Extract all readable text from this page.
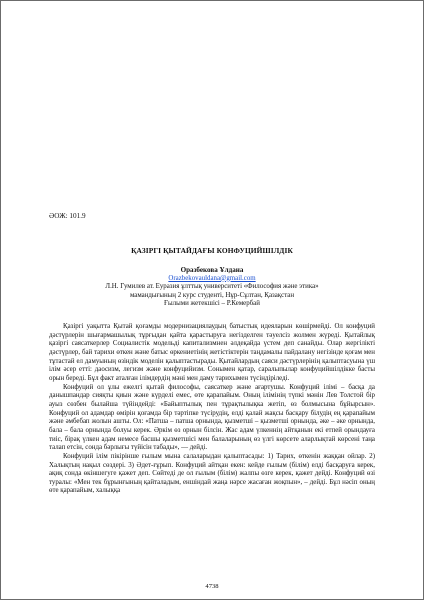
ӘОЖ: 101.9
ҚАЗІРГІ ҚЫТАЙДАҒЫ КОНФУЦИЙШІЛДІК
Оразбекова Ұлдана
Orazbekovauldana@gmail.com
Л.Н. Гумилев ат. Еуразия ұлттық университеті «Философия және этика»
мамандығының 2 курс студенті, Нұр-Сұлтан, Қазақстан
Ғылыми жетекшісі – Р.Кемербай

Қазіргі уақытта Қытай қоғамды модернизациялаудың батыстық идеяларын көшірмейді. Ол конфуций дәстүрлерін шығармашылық тұрғыдан қайта қарастыруға негізделген тәуелсіз жолмен жүреді. Қытайлық қазіргі саясаткерлер Социалистік модельді капитализмнен әлдеқайда үстем деп санайды. Олар жергілікті дәстүрлер, бай тарихи өткен және батыс өркениетінің жетістіктерін таңдамалы пайдалану негізінде қоғам мен тұтастай ел дамуының өзіндік моделін қалыптастырады. Қытайлардың саяси дәстүрлерінің қалыптасуына үш ілім әсер етті: даосизм, легизм және конфуцийизм. Сонымен қатар, саралыпылар конфуцийшілдікке басты орын береді. Бұл факт аталған ілімдердің мәні мен даму тарихымен түсіндіріледі.

Конфуций ол ұлы ежелгі қытай философы, саясаткер және ағартушы. Конфуций ілімі – басқа да данышпандар сияқты қиын және күрделі емес, өте қарапайым. Оның ілімінің түпкі мәнін Лев Толстой бір ауыз сөзбен былайша түйіндейді: «Байыптылық пен тұрақтылықка жетіп, өз болмысына бұйырсын». Конфуций ол адамдар өмірін қоғамда бір тәртіпке түсірудің, елді қалай жақсы басқару білудің ең қарапайым және әмбебап жолын ашты. Ол: «Патша – патша орнында, қызметші – қызметші орнында, әке – әке орнында, бала – бала орнында болуы керек. Әркім өз орнын білсін. Жас адам үлкеннің айтқанын екі етпей орындауға тиіс, бірақ үлкен адам немесе басшы қызметшісі мен балаларының өз үлгі көрсете аларлықтай көрсені таңа талап етсін, сонда бәрлығы түйісін табады», — дейді.

Конфуций ілім пікірінше ғылым мына салаларыдан қалыптасады: 1) Тарих, өткенін жаққан ойлар. 2) Халықтың нақыл сөздері. 3) Әдет-ғұрып. Конфуций айтқан екен: кейде ғылым (білім) елді басқаруға керек, ақиқ сонда өкіншегуге қажет деп. Сөйтеді де ол ғылым (білім) жалпы өзге керек, қажет дейді. Конфуций өзі туралы: «Мен тек бұрынғының қайталадым, еншіндай жаңа нәрсе жасаған жоқпын», – дейді. Бұл нәсіп оның өте қарапайым, халыққа

4738
